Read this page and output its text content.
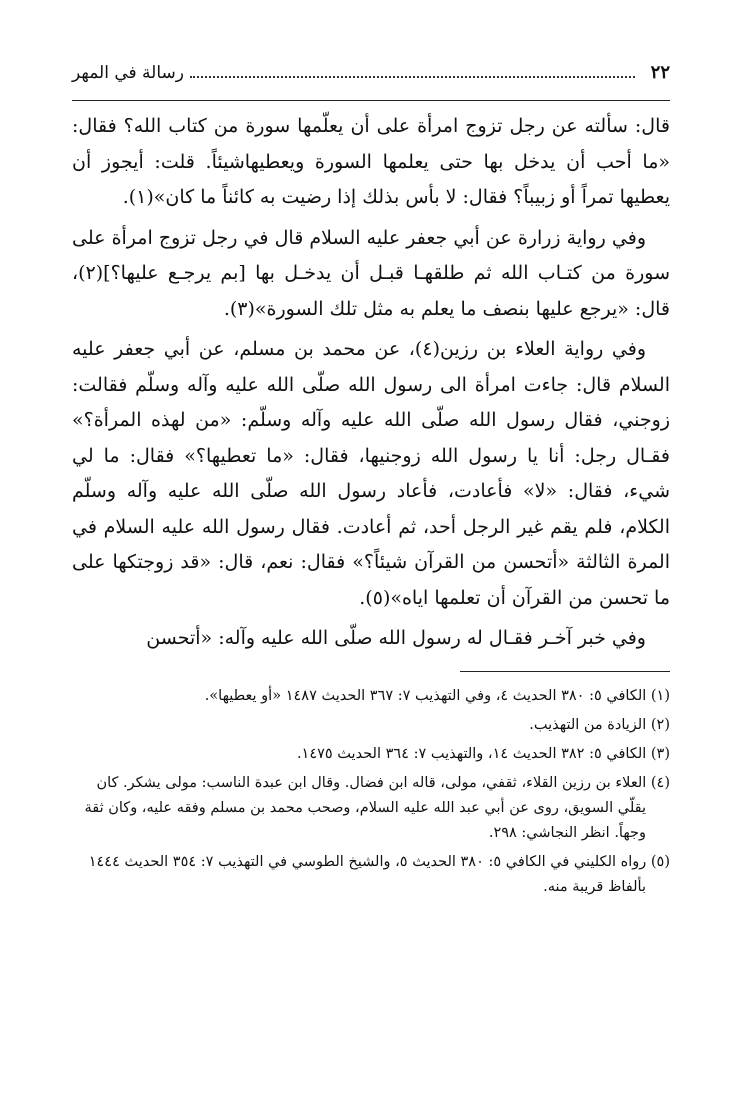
٢٢
رسالة في المهر

قال: سألته عن رجل تزوج امرأة على أن يعلّمها سورة من كتاب الله؟ فقال: «ما أحب أن يدخل بها حتى يعلمها السورة ويعطيهاشيئاً. قلت: أيجوز أن يعطيها تمراً أو زبيباً؟ فقال: لا بأس بذلك إذا رضيت به كائناً ما كان»(١).

وفي رواية زرارة عن أبي جعفر عليه السلام قال في رجل تزوج امرأة على سورة من كتـاب الله ثم طلقهـا قبـل أن يدخـل بها [بم يرجـع عليها؟](٢)، قال: «يرجع عليها بنصف ما يعلم به مثل تلك السورة»(٣).

وفي رواية العلاء بن رزين(٤)، عن محمد بن مسلم، عن أبي جعفر عليه السلام قال: جاءت امرأة الى رسول الله صلّى الله عليه وآله وسلّم فقالت: زوجني، فقال رسول الله صلّى الله عليه وآله وسلّم: «من لهذه المرأة؟» فقـال رجل: أنا يا رسول الله زوجنيها، فقال: «ما تعطيها؟» فقال: ما لي شيء، فقال: «لا» فأعادت، فأعاد رسول الله صلّى الله عليه وآله وسلّم الكلام، فلم يقم غير الرجل أحد، ثم أعادت. فقال رسول الله عليه السلام في المرة الثالثة «أتحسن من القرآن شيئاً؟» فقال: نعم، قال: «قد زوجتكها على ما تحسن من القرآن أن تعلمها اياه»(٥).

وفي خبر آخـر فقـال له رسول الله صلّى الله عليه وآله: «أتحسن

(١) الكافي ٥: ٣٨٠ الحديث ٤، وفي التهذيب ٧: ٣٦٧ الحديث ١٤٨٧ «أو يعطيها».

(٢) الزيادة من التهذيب.

(٣) الكافي ٥: ٣٨٢ الحديث ١٤، والتهذيب ٧: ٣٦٤ الحديث ١٤٧٥.

(٤) العلاء بن رزين القلاء، ثقفي، مولى، قاله ابن فضال. وقال ابن عبدة الناسب: مولى يشكر. كان يقلّي السويق، روى عن أبي عبد الله عليه السلام، وصحب محمد بن مسلم وفقه عليه، وكان ثقة وجهاً. انظر النجاشي: ٢٩٨.

(٥) رواه الكليني في الكافي ٥: ٣٨٠ الحديث ٥، والشيخ الطوسي في التهذيب ٧: ٣٥٤ الحديث ١٤٤٤ بألفاظ قريبة منه.
